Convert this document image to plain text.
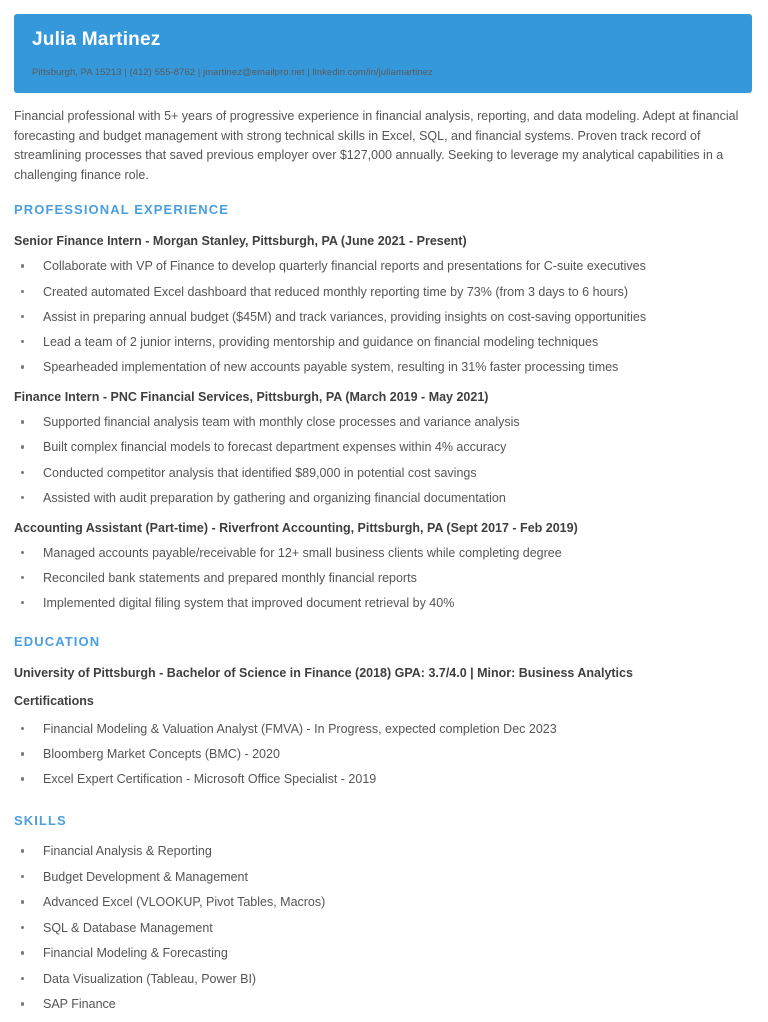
Julia Martinez
Pittsburgh, PA 15213 | (412) 555-8762 | jmartinez@emailpro.net | linkedin.com/in/juliamartinez
Financial professional with 5+ years of progressive experience in financial analysis, reporting, and data modeling. Adept at financial forecasting and budget management with strong technical skills in Excel, SQL, and financial systems. Proven track record of streamlining processes that saved previous employer over $127,000 annually. Seeking to leverage my analytical capabilities in a challenging finance role.
PROFESSIONAL EXPERIENCE
Senior Finance Intern - Morgan Stanley, Pittsburgh, PA (June 2021 - Present)
Collaborate with VP of Finance to develop quarterly financial reports and presentations for C-suite executives
Created automated Excel dashboard that reduced monthly reporting time by 73% (from 3 days to 6 hours)
Assist in preparing annual budget ($45M) and track variances, providing insights on cost-saving opportunities
Lead a team of 2 junior interns, providing mentorship and guidance on financial modeling techniques
Spearheaded implementation of new accounts payable system, resulting in 31% faster processing times
Finance Intern - PNC Financial Services, Pittsburgh, PA (March 2019 - May 2021)
Supported financial analysis team with monthly close processes and variance analysis
Built complex financial models to forecast department expenses within 4% accuracy
Conducted competitor analysis that identified $89,000 in potential cost savings
Assisted with audit preparation by gathering and organizing financial documentation
Accounting Assistant (Part-time) - Riverfront Accounting, Pittsburgh, PA (Sept 2017 - Feb 2019)
Managed accounts payable/receivable for 12+ small business clients while completing degree
Reconciled bank statements and prepared monthly financial reports
Implemented digital filing system that improved document retrieval by 40%
EDUCATION
University of Pittsburgh - Bachelor of Science in Finance (2018) GPA: 3.7/4.0 | Minor: Business Analytics
Certifications
Financial Modeling & Valuation Analyst (FMVA) - In Progress, expected completion Dec 2023
Bloomberg Market Concepts (BMC) - 2020
Excel Expert Certification - Microsoft Office Specialist - 2019
SKILLS
Financial Analysis & Reporting
Budget Development & Management
Advanced Excel (VLOOKUP, Pivot Tables, Macros)
SQL & Database Management
Financial Modeling & Forecasting
Data Visualization (Tableau, Power BI)
SAP Finance
